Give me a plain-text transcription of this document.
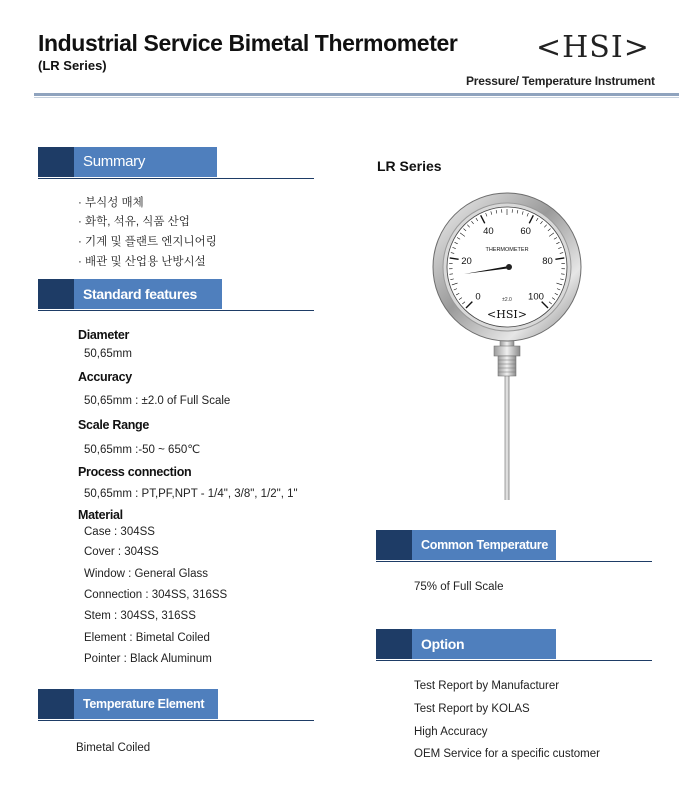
Industrial Service Bimetal Thermometer
(LR Series)
<HSI>
Pressure/ Temperature Instrument
Summary
· 부식성 매체
· 화학, 석유, 식품 산업
· 기계 및 플랜트 엔지니어링
· 배관 및 산업용 난방시설
Standard features
Diameter
50,65mm
Accuracy
50,65mm : ±2.0 of Full Scale
Scale Range
50,65mm :-50 ~ 650℃
Process connection
50,65mm : PT,PF,NPT - 1/4", 3/8", 1/2", 1"
Material
Case : 304SS
Cover : 304SS
Window : General Glass
Connection : 304SS, 316SS
Stem : 304SS, 316SS
Element : Bimetal Coiled
Pointer : Black Aluminum
Temperature Element
Bimetal Coiled
LR Series
0
20
40	60
80
100
THERMOMETER
±2.0
<HSI>
Common Temperature
75% of Full Scale
Option
Test Report by Manufacturer
Test Report by KOLAS
High Accuracy
OEM Service for a specific customer
